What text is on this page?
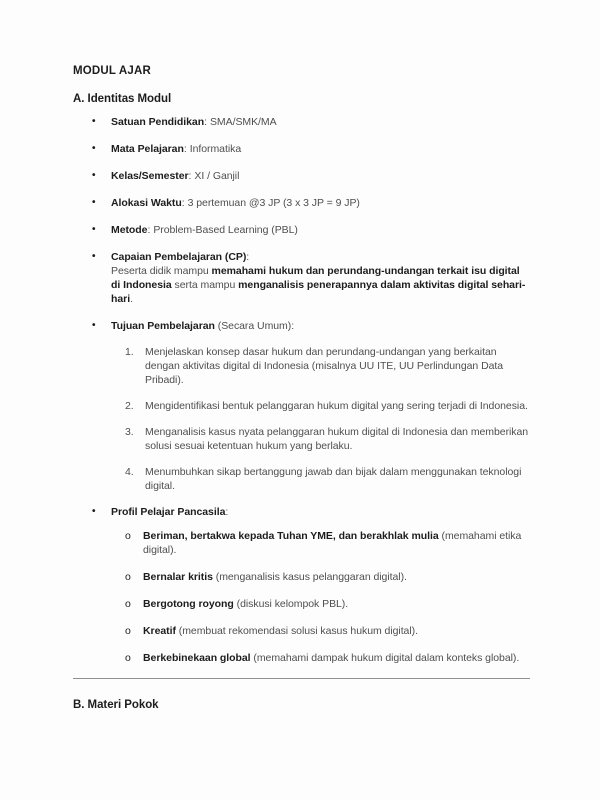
MODUL AJAR
A. Identitas Modul
•	Satuan Pendidikan: SMA/SMK/MA
•	Mata Pelajaran: Informatika
•	Kelas/Semester: XI / Ganjil
•	Alokasi Waktu: 3 pertemuan @3 JP (3 x 3 JP = 9 JP)
•	Metode: Problem-Based Learning (PBL)
•	Capaian Pembelajaran (CP):
Peserta didik mampu memahami hukum dan perundang-undangan terkait isu digital di Indonesia serta mampu menganalisis penerapannya dalam aktivitas digital sehari-hari.
•	Tujuan Pembelajaran (Secara Umum):
1.	Menjelaskan konsep dasar hukum dan perundang-undangan yang berkaitan dengan aktivitas digital di Indonesia (misalnya UU ITE, UU Perlindungan Data Pribadi).
2.	Mengidentifikasi bentuk pelanggaran hukum digital yang sering terjadi di Indonesia.
3.	Menganalisis kasus nyata pelanggaran hukum digital di Indonesia dan memberikan solusi sesuai ketentuan hukum yang berlaku.
4.	Menumbuhkan sikap bertanggung jawab dan bijak dalam menggunakan teknologi digital.
•	Profil Pelajar Pancasila:
o	Beriman, bertakwa kepada Tuhan YME, dan berakhlak mulia (memahami etika digital).
o	Bernalar kritis (menganalisis kasus pelanggaran digital).
o	Bergotong royong (diskusi kelompok PBL).
o	Kreatif (membuat rekomendasi solusi kasus hukum digital).
o	Berkebinekaan global (memahami dampak hukum digital dalam konteks global).
B. Materi Pokok
